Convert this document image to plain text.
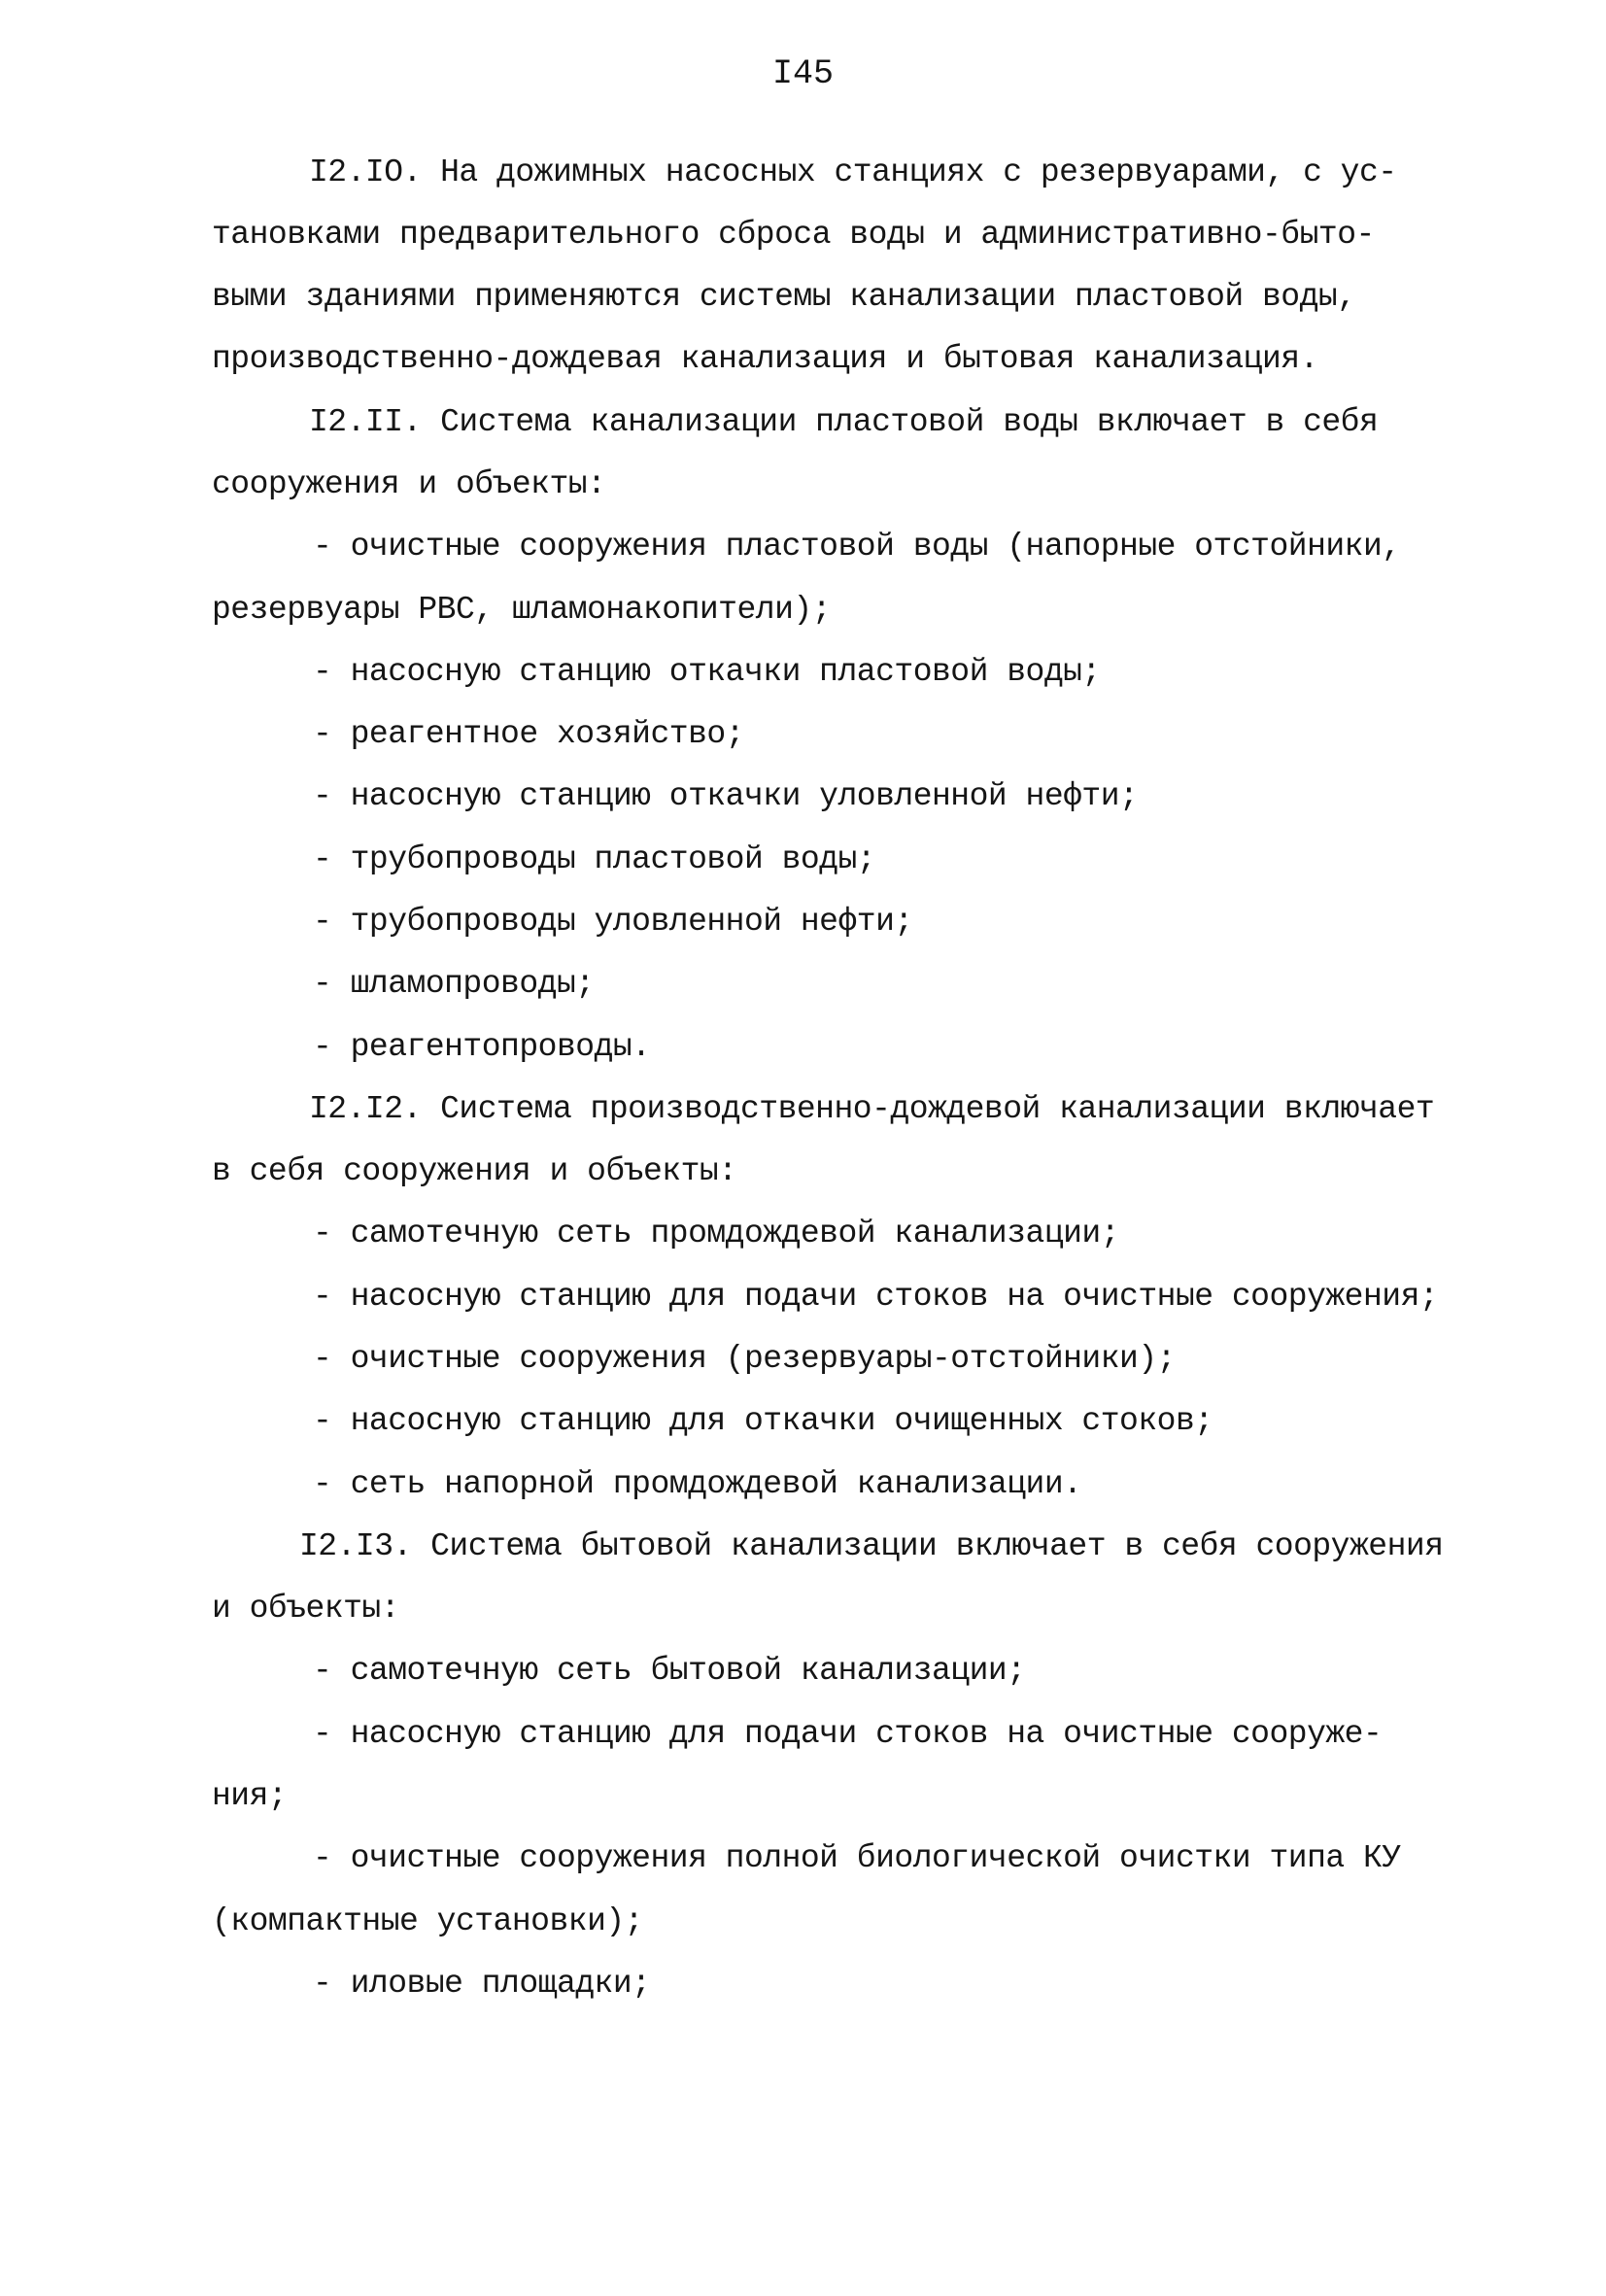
I45

I2.IO. На дожимных насосных станциях с резервуарами, с ус-

тановками предварительного сброса воды и административно-быто-

выми зданиями применяются системы канализации пластовой воды,

производственно-дождевая канализация и бытовая канализация.

I2.II. Система канализации пластовой воды включает в себя

сооружения и объекты:

- очистные сооружения пластовой воды (напорные отстойники,

резервуары РВС, шламонакопители);

- насосную станцию откачки пластовой воды;

- реагентное хозяйство;

- насосную станцию откачки уловленной нефти;

- трубопроводы пластовой воды;

- трубопроводы уловленной нефти;

- шламопроводы;

- реагентопроводы.

I2.I2. Система производственно-дождевой канализации включает

в себя сооружения и объекты:

- самотечную сеть промдождевой канализации;

- насосную станцию для подачи стоков на очистные сооружения;

- очистные сооружения (резервуары-отстойники);

- насосную станцию для откачки очищенных стоков;

- сеть напорной промдождевой канализации.

I2.I3. Система бытовой канализации включает в себя сооружения

и объекты:

- самотечную сеть бытовой канализации;

- насосную станцию для подачи стоков на очистные сооруже-

ния;

- очистные сооружения полной биологической очистки типа КУ

(компактные установки);

- иловые площадки;
